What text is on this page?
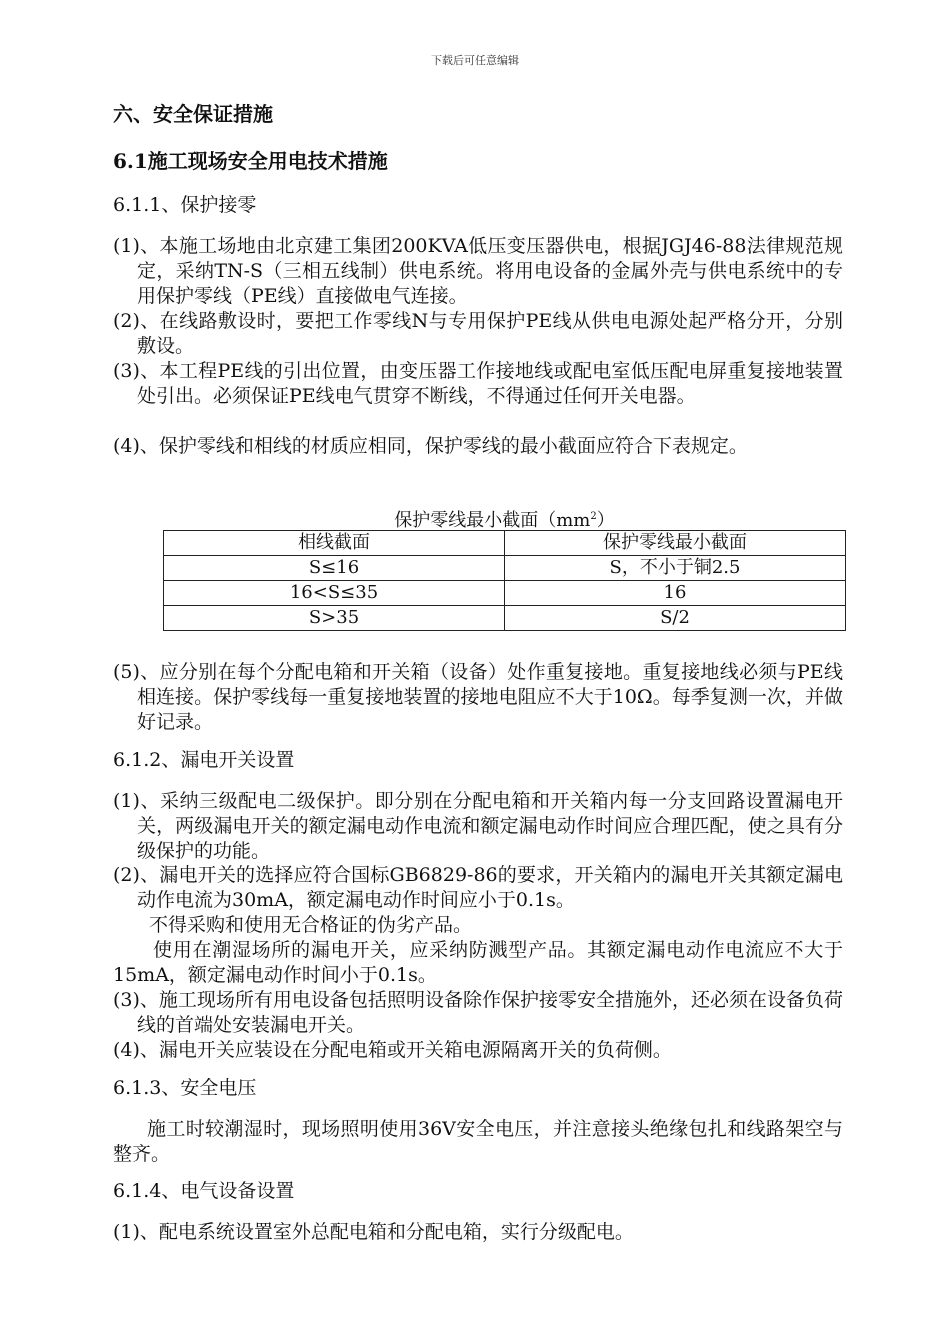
下载后可任意编辑
六、安全保证措施
6.1施工现场安全用电技术措施
6.1.1、保护接零
(1)、本施工场地由北京建工集团200KVA低压变压器供电，根据JGJ46-88法律规范规定，采纳TN-S（三相五线制）供电系统。将用电设备的金属外壳与供电系统中的专用保护零线（PE线）直接做电气连接。
(2)、在线路敷设时，要把工作零线N与专用保护PE线从供电电源处起严格分开，分别敷设。
(3)、本工程PE线的引出位置，由变压器工作接地线或配电室低压配电屏重复接地装置处引出。必须保证PE线电气贯穿不断线，不得通过任何开关电器。
(4)、保护零线和相线的材质应相同，保护零线的最小截面应符合下表规定。
保护零线最小截面$(mm^2)$
相线截面	保护零线最小截面
S≤16	S，不小于铜2.5
16<S≤35	16
S>35	S/2
(5)、应分别在每个分配电箱和开关箱（设备）处作重复接地。重复接地线必须与PE线相连接。保护零线每一重复接地装置的接地电阻应不大于10Ω。每季复测一次，并做好记录。
6.1.2、漏电开关设置
(1)、采纳三级配电二级保护。即分别在分配电箱和开关箱内每一分支回路设置漏电开关，两级漏电开关的额定漏电动作电流和额定漏电动作时间应合理匹配，使之具有分级保护的功能。
(2)、漏电开关的选择应符合国标GB6829-86的要求，开关箱内的漏电开关其额定漏电动作电流为30mA，额定漏电动作时间应小于0.1s。
不得采购和使用无合格证的伪劣产品。
使用在潮湿场所的漏电开关，应采纳防溅型产品。其额定漏电动作电流应不大于15mA，额定漏电动作时间小于0.1s。
(3)、施工现场所有用电设备包括照明设备除作保护接零安全措施外，还必须在设备负荷线的首端处安装漏电开关。
(4)、漏电开关应装设在分配电箱或开关箱电源隔离开关的负荷侧。
6.1.3、安全电压
施工时较潮湿时，现场照明使用36V安全电压，并注意接头绝缘包扎和线路架空与整齐。
6.1.4、电气设备设置
(1)、配电系统设置室外总配电箱和分配电箱，实行分级配电。
